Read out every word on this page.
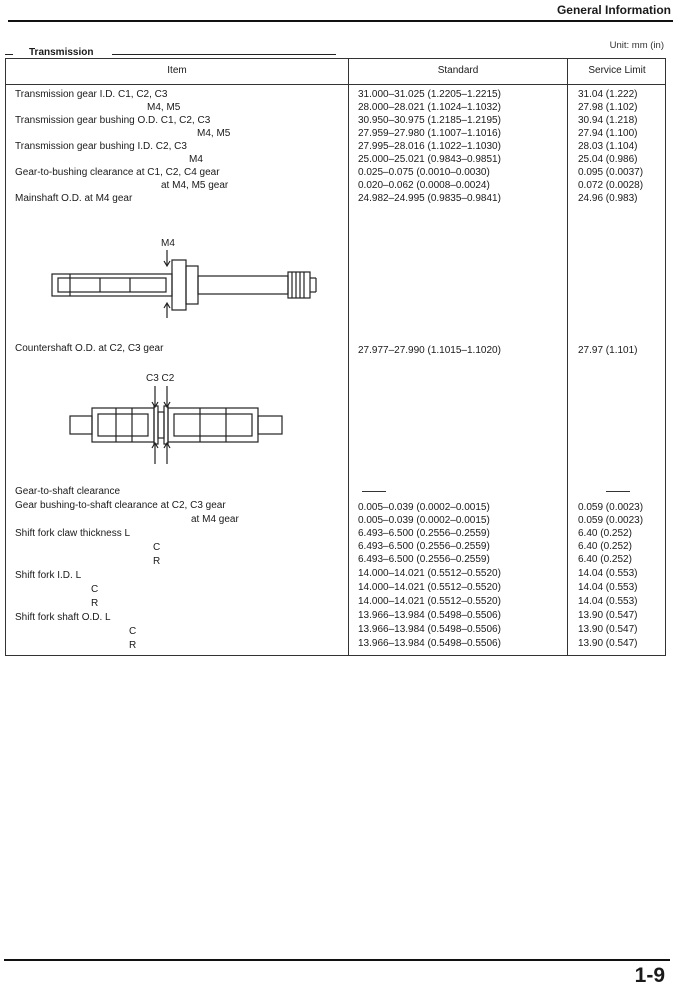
General Information
Unit: mm (in)
Transmission
Item	Standard	Service Limit
Transmission gear I.D. C1, C2, C3	31.000–31.025 (1.2205–1.2215)	31.04 (1.222)
M4, M5	28.000–28.021 (1.1024–1.1032)	27.98 (1.102)
Transmission gear bushing O.D. C1, C2, C3	30.950–30.975 (1.2185–1.2195)	30.94 (1.218)
M4, M5	27.959–27.980 (1.1007–1.1016)	27.94 (1.100)
Transmission gear bushing I.D. C2, C3	27.995–28.016 (1.1022–1.1030)	28.03 (1.104)
M4	25.000–25.021 (0.9843–0.9851)	25.04 (0.986)
Gear-to-bushing clearance at C1, C2, C4 gear	0.025–0.075 (0.0010–0.0030)	0.095 (0.0037)
at M4, M5 gear	0.020–0.062 (0.0008–0.0024)	0.072 (0.0028)
Mainshaft O.D. at M4 gear	24.982–24.995 (0.9835–0.9841)	24.96 (0.983)
Countershaft O.D. at C2, C3 gear	27.977–27.990 (1.1015–1.1020)	27.97 (1.101)
Gear-to-shaft clearance
Gear bushing-to-shaft clearance at C2, C3 gear	0.005–0.039 (0.0002–0.0015)	0.059 (0.0023)
at M4 gear	0.005–0.039 (0.0002–0.0015)	0.059 (0.0023)
Shift fork claw thickness L	6.493–6.500 (0.2556–0.2559)	6.40 (0.252)
C	6.493–6.500 (0.2556–0.2559)	6.40 (0.252)
R	6.493–6.500 (0.2556–0.2559)	6.40 (0.252)
Shift fork I.D. L	14.000–14.021 (0.5512–0.5520)	14.04 (0.553)
C	14.000–14.021 (0.5512–0.5520)	14.04 (0.553)
R	14.000–14.021 (0.5512–0.5520)	14.04 (0.553)
Shift fork shaft O.D. L	13.966–13.984 (0.5498–0.5506)	13.90 (0.547)
C	13.966–13.984 (0.5498–0.5506)	13.90 (0.547)
R	13.966–13.984 (0.5498–0.5506)	13.90 (0.547)
M4
C3 C2
1-9
